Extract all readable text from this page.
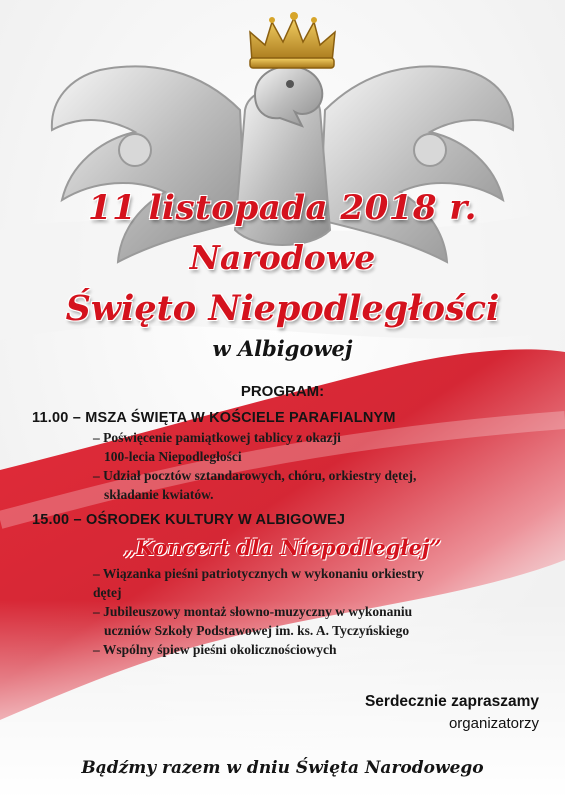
11 listopada 2018 r.
Narodowe
Święto Niepodległości
w Albigowej
PROGRAM:
11.00 – MSZA ŚWIĘTA W KOŚCIELE PARAFIALNYM
– Poświęcenie pamiątkowej tablicy z okazji
100-lecia Niepodległości
– Udział pocztów sztandarowych, chóru, orkiestry dętej,
składanie kwiatów.
15.00 – OŚRODEK KULTURY W ALBIGOWEJ
„Koncert dla Niepodległej”
– Wiązanka pieśni patriotycznych w wykonaniu orkiestry
dętej
– Jubileuszowy montaż słowno-muzyczny w wykonaniu
uczniów Szkoły Podstawowej im. ks. A. Tyczyńskiego
– Wspólny śpiew pieśni okolicznościowych
Serdecznie zapraszamy
organizatorzy
Bądźmy razem w dniu Święta Narodowego
